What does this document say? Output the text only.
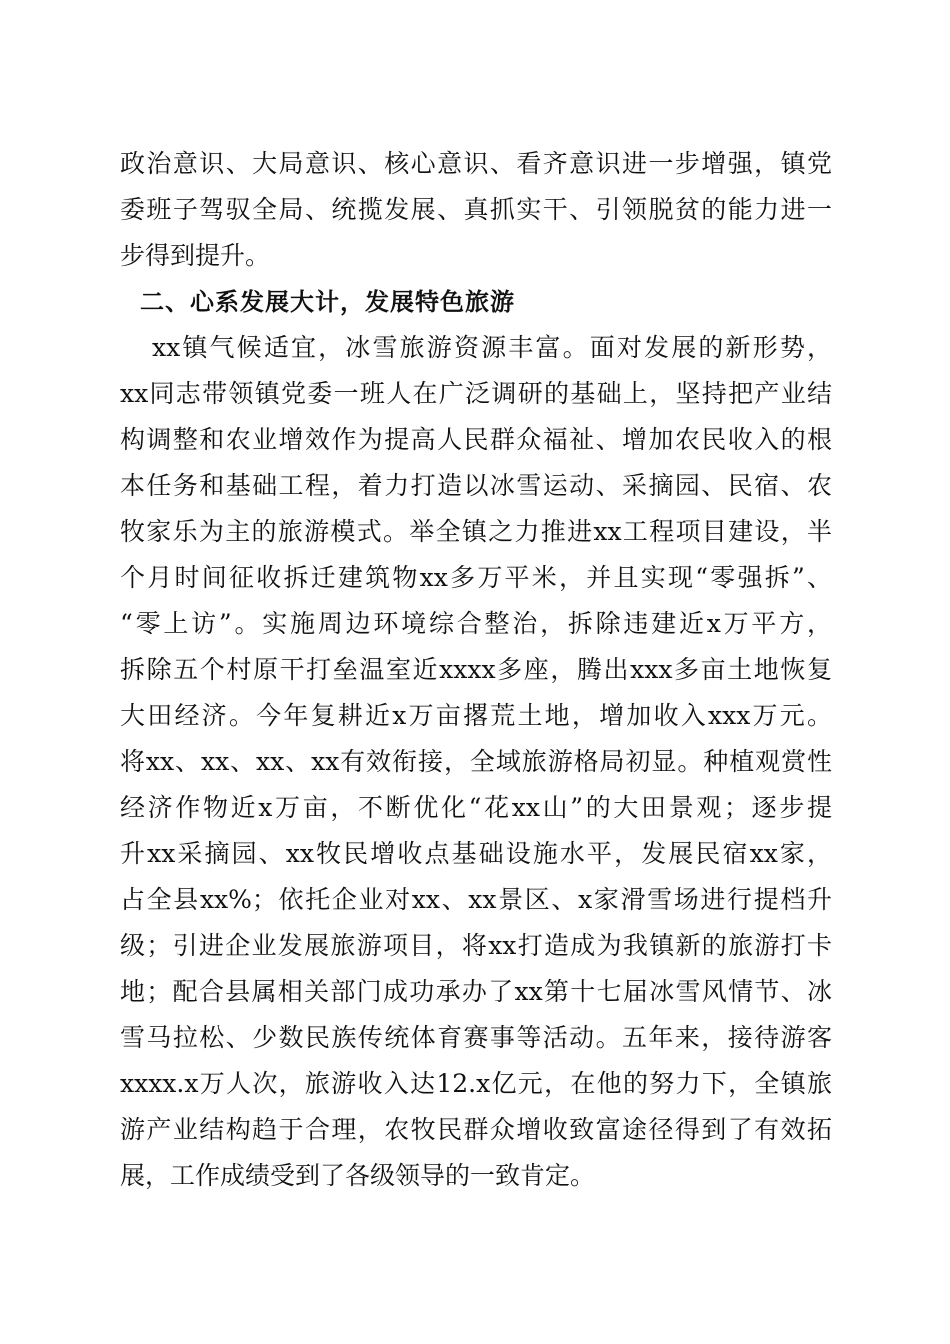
政治意识、大局意识、核心意识、看齐意识进一步增强，镇党
委班子驾驭全局、统揽发展、真抓实干、引领脱贫的能力进一
步得到提升。
二、心系发展大计，发展特色旅游
xx镇气候适宜，冰雪旅游资源丰富。面对发展的新形势，
xx同志带领镇党委一班人在广泛调研的基础上，坚持把产业结
构调整和农业增效作为提高人民群众福祉、增加农民收入的根
本任务和基础工程，着力打造以冰雪运动、采摘园、民宿、农
牧家乐为主的旅游模式。举全镇之力推进xx工程项目建设，半
个月时间征收拆迁建筑物xx多万平米，并且实现“零强拆”、
“零上访”。实施周边环境综合整治，拆除违建近x万平方，
拆除五个村原干打垒温室近xxxx多座，腾出xxx多亩土地恢复
大田经济。今年复耕近x万亩撂荒土地，增加收入xxx万元。
将xx、xx、xx、xx有效衔接，全域旅游格局初显。种植观赏性
经济作物近x万亩，不断优化“花xx山”的大田景观；逐步提
升xx采摘园、xx牧民增收点基础设施水平，发展民宿xx家，
占全县xx%；依托企业对xx、xx景区、x家滑雪场进行提档升
级；引进企业发展旅游项目，将xx打造成为我镇新的旅游打卡
地；配合县属相关部门成功承办了xx第十七届冰雪风情节、冰
雪马拉松、少数民族传统体育赛事等活动。五年来，接待游客
xxxx.x万人次，旅游收入达12.x亿元，在他的努力下，全镇旅
游产业结构趋于合理，农牧民群众增收致富途径得到了有效拓
展，工作成绩受到了各级领导的一致肯定。
